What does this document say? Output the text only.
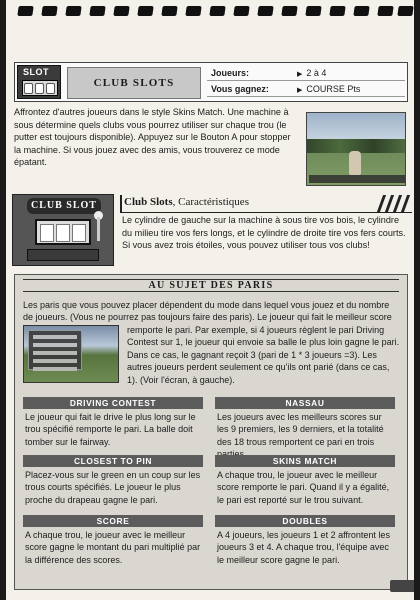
SLOT
CLUB SLOTS
Joueurs:	▶ 2 à 4
Vous gagnez:	▶ COURSE Pts

Affrontez d'autres joueurs dans le style Skins Match. Une machine à sous détermine quels clubs vous pourrez utiliser sur chaque trou (le putter est toujours disponible). Appuyez sur le Bouton A pour stopper la machine. Si vous jouez avec des amis, vous trouverez ce mode épatant.

CLUB SLOT	Club Slots, Caractéristiques

Le cylindre de gauche sur la machine à sous tire vos bois, le cylindre du milieu tire vos fers longs, et le cylindre de droite tire vos fers courts. Si vous avez trois étoiles, vous pouvez utiliser tous vos clubs!

AU SUJET DES PARIS

Les paris que vous pouvez placer dépendent du mode dans lequel vous jouez et du nombre de joueurs. (Vous ne pourrez pas toujours faire des paris). Le joueur qui fait le meilleur score

remporte le pari. Par exemple, si 4 joueurs règlent le pari Driving Contest sur 1, le joueur qui envoie sa balle le plus loin gagne le pari. Dans ce cas, le gagnant reçoit 3 (pari de 1 * 3 joueurs =3). Les autres joueurs perdent seulement ce qu'ils ont parié (dans ce cas, 1). (Voir l'écran, à gauche).

DRIVING CONTEST
Le joueur qui fait le drive le plus long sur le trou spécifié remporte le pari. La balle doit tomber sur le fairway.
NASSAU
Les joueurs avec les meilleurs scores sur les 9 premiers, les 9 derniers, et la totalité des 18 trous remportent ce pari en trois
CLOSEST TO PIN
Placez-vous sur le green en un coup sur les trous courts spécifiés. Le joueur le plus proche du drapeau gagne le pari.
SKINS MATCH
A chaque trou, le joueur avec le meilleur score remporte le pari. Quand il y a égalité, le pari est reporté sur le trou suivant.
SCORE
A chaque trou, le joueur avec le meilleur score gagne le montant du pari multiplié par la différence des scores.
DOUBLES
A 4 joueurs, les joueurs 1 et 2 affrontent les joueurs 3 et 4. A chaque trou, l'équipe avec le meilleur score gagne le pari.
